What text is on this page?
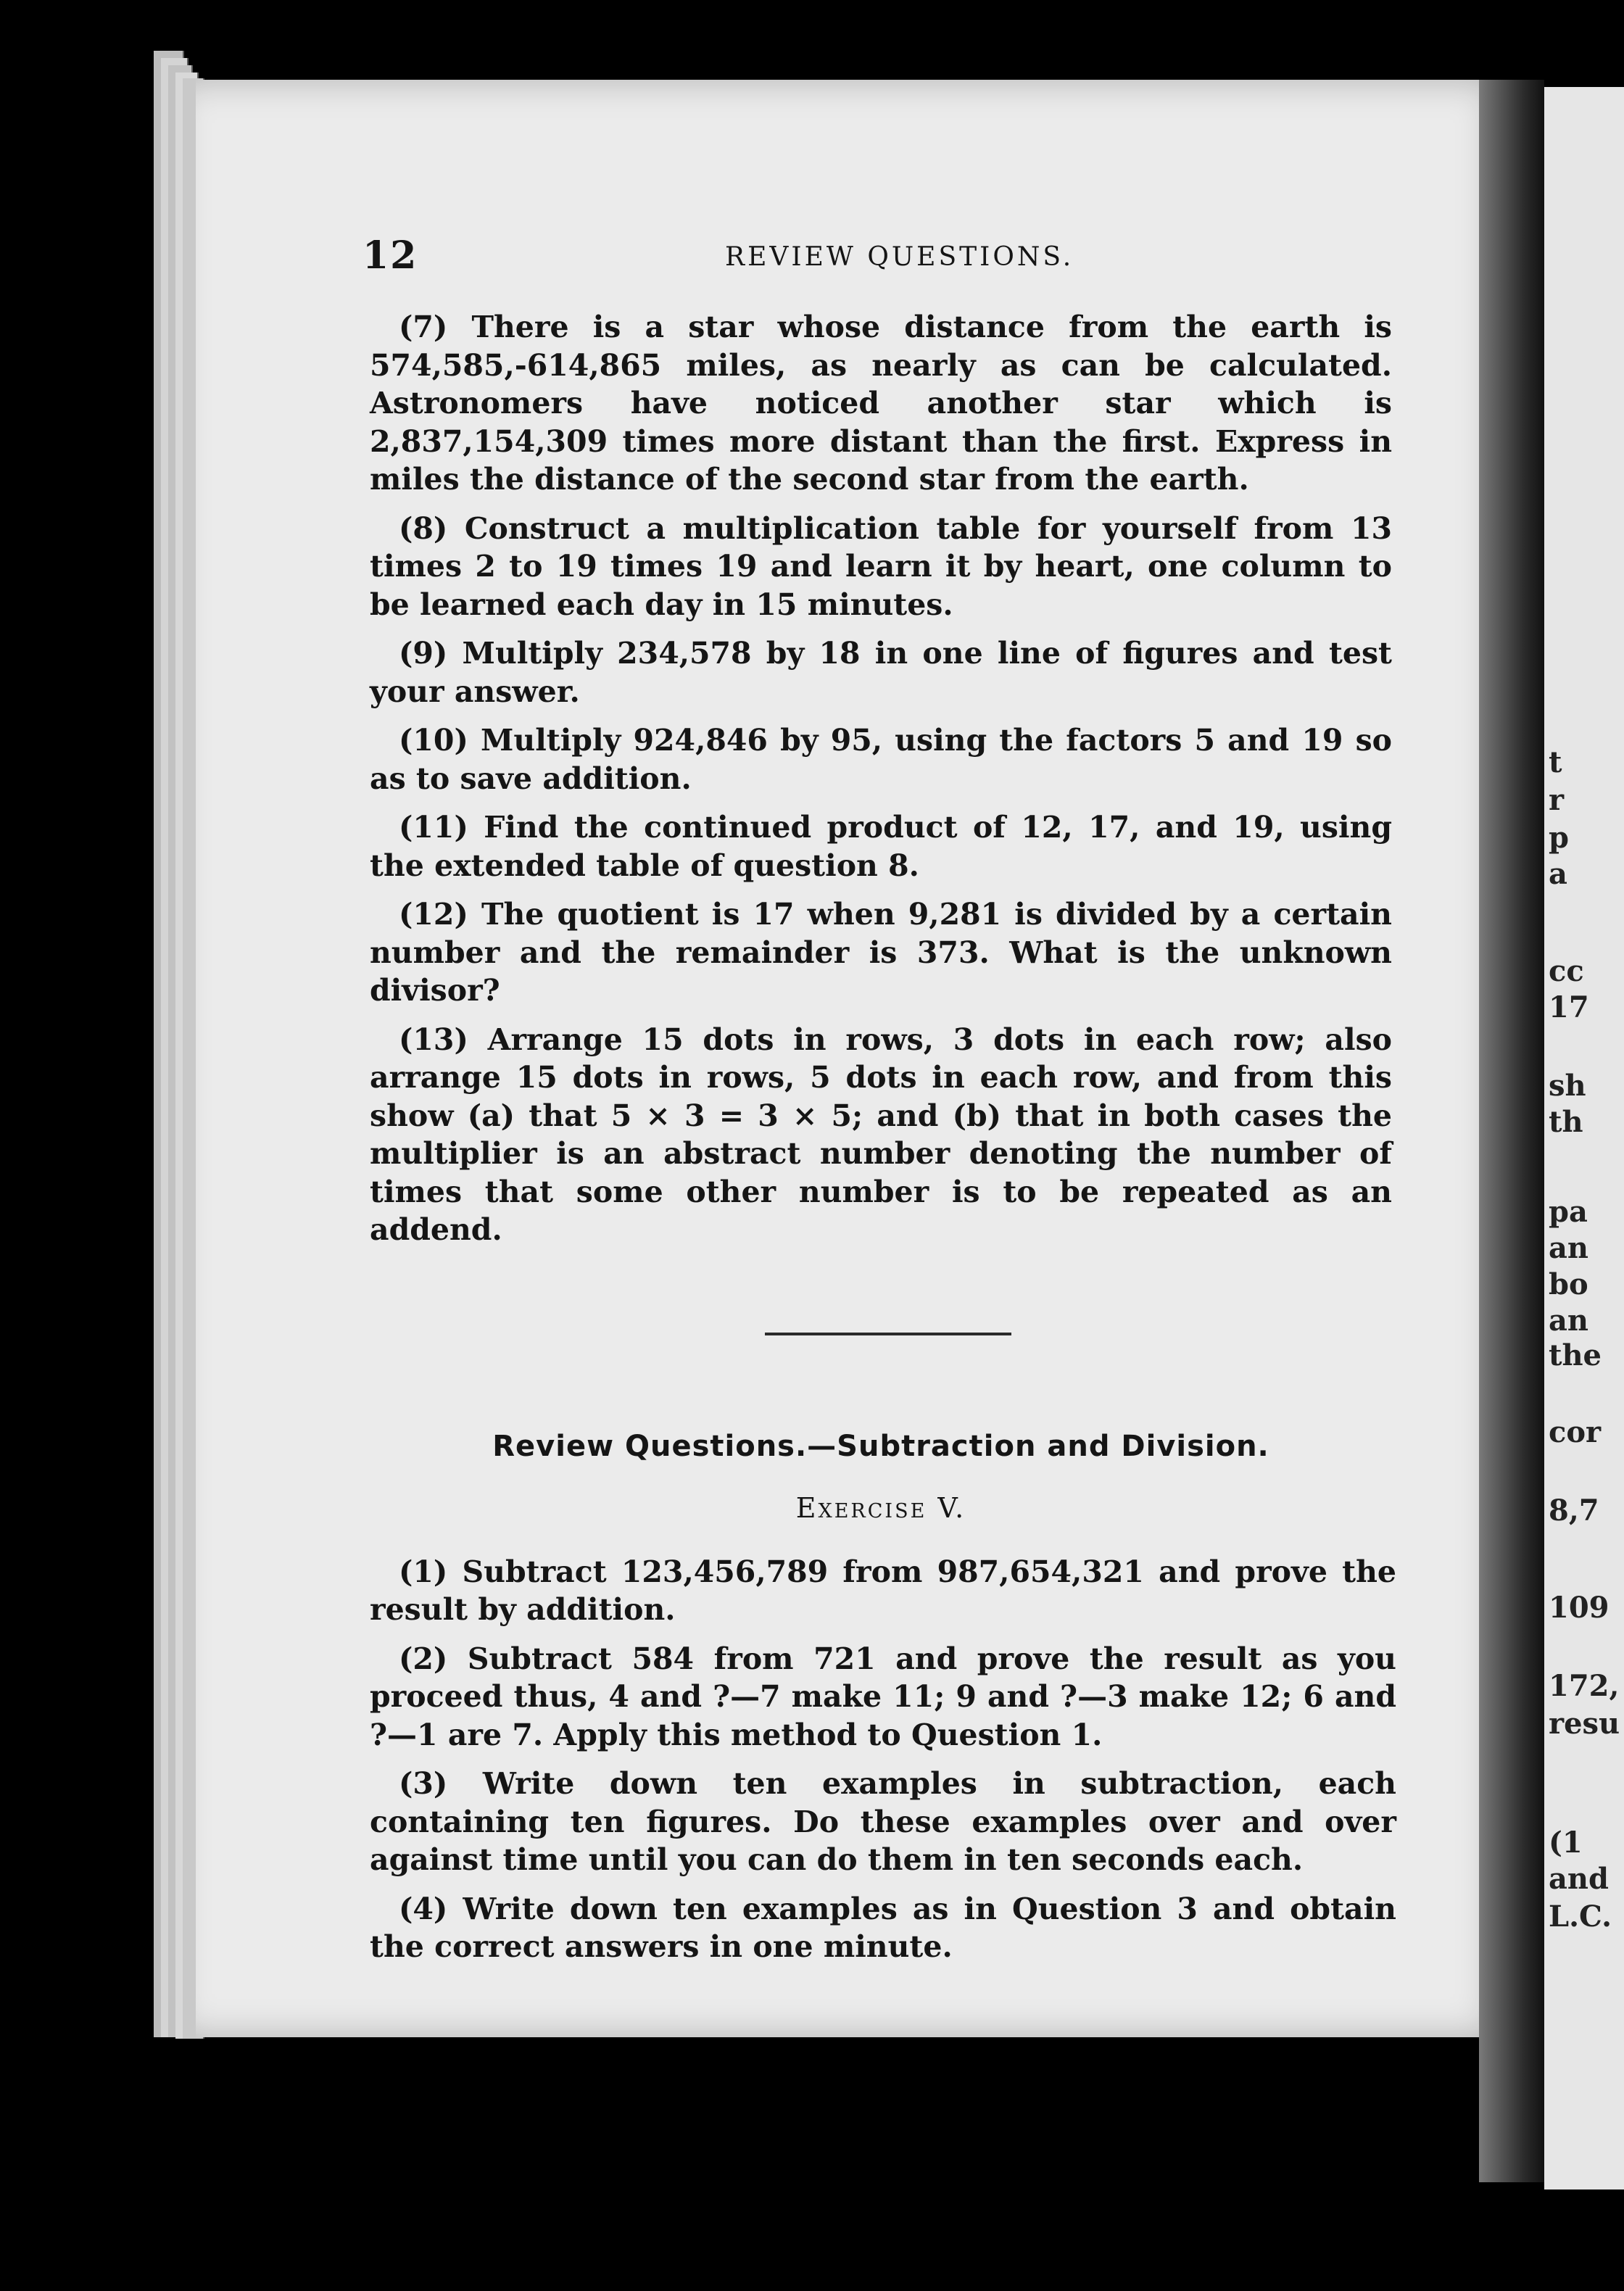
t
r
p
a
cc
17
sh
th
pa
an
bo
an
the
cor
8,7
109
172,
resu
(1
and
L.C.
12	REVIEW QUESTIONS.

(7) There is a star whose distance from the earth is 574,585,-614,865 miles, as nearly as can be calculated. Astronomers have noticed another star which is 2,837,154,309 times more distant than the first. Express in miles the distance of the second star from the earth.

(8) Construct a multiplication table for yourself from 13 times 2 to 19 times 19 and learn it by heart, one column to be learned each day in 15 minutes.

(9) Multiply 234,578 by 18 in one line of figures and test your answer.

(10) Multiply 924,846 by 95, using the factors 5 and 19 so as to save addition.

(11) Find the continued product of 12, 17, and 19, using the extended table of question 8.

(12) The quotient is 17 when 9,281 is divided by a certain number and the remainder is 373. What is the unknown divisor?

(13) Arrange 15 dots in rows, 3 dots in each row; also arrange 15 dots in rows, 5 dots in each row, and from this show (a) that 5 × 3 = 3 × 5; and (b) that in both cases the multiplier is an abstract number denoting the number of times that some other number is to be repeated as an addend.

Review Questions.—Subtraction and Division.
Exercise V.

(1) Subtract 123,456,789 from 987,654,321 and prove the result by addition.

(2) Subtract 584 from 721 and prove the result as you proceed thus, 4 and ?—7 make 11; 9 and ?—3 make 12; 6 and ?—1 are 7. Apply this method to Question 1.

(3) Write down ten examples in subtraction, each containing ten figures. Do these examples over and over against time until you can do them in ten seconds each.

(4) Write down ten examples as in Question 3 and obtain the correct answers in one minute.
